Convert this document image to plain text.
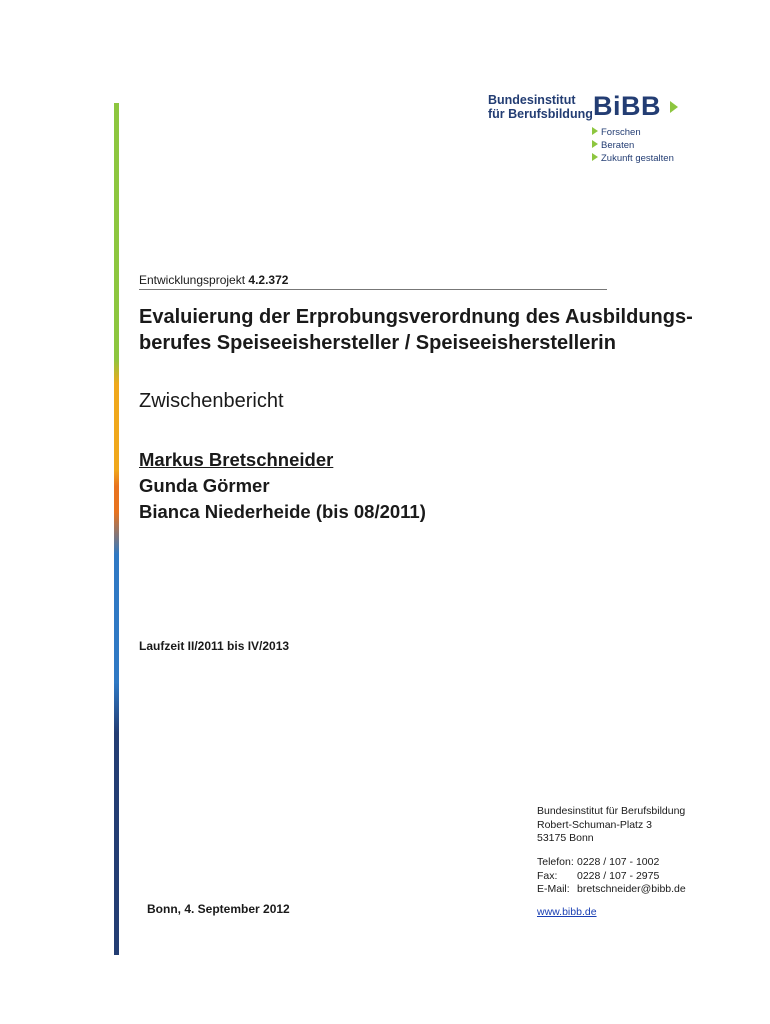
Bundesinstitut
für Berufsbildung BiBB
Forschen
Beraten
Zukunft gestalten
Entwicklungsprojekt 4.2.372
Evaluierung der Erprobungsverordnung des Ausbildungs-
berufes Speiseeishersteller / Speiseeisherstellerin
Zwischenbericht
Markus Bretschneider
Gunda Görmer
Bianca Niederheide (bis 08/2011)
Laufzeit II/2011 bis IV/2013
Bundesinstitut für Berufsbildung
Robert-Schuman-Platz 3
53175 Bonn
Telefon: 0228 / 107 - 1002
Fax:	0228 / 107 - 2975
E-Mail: bretschneider@bibb.de
www.bibb.de
Bonn, 4. September 2012
